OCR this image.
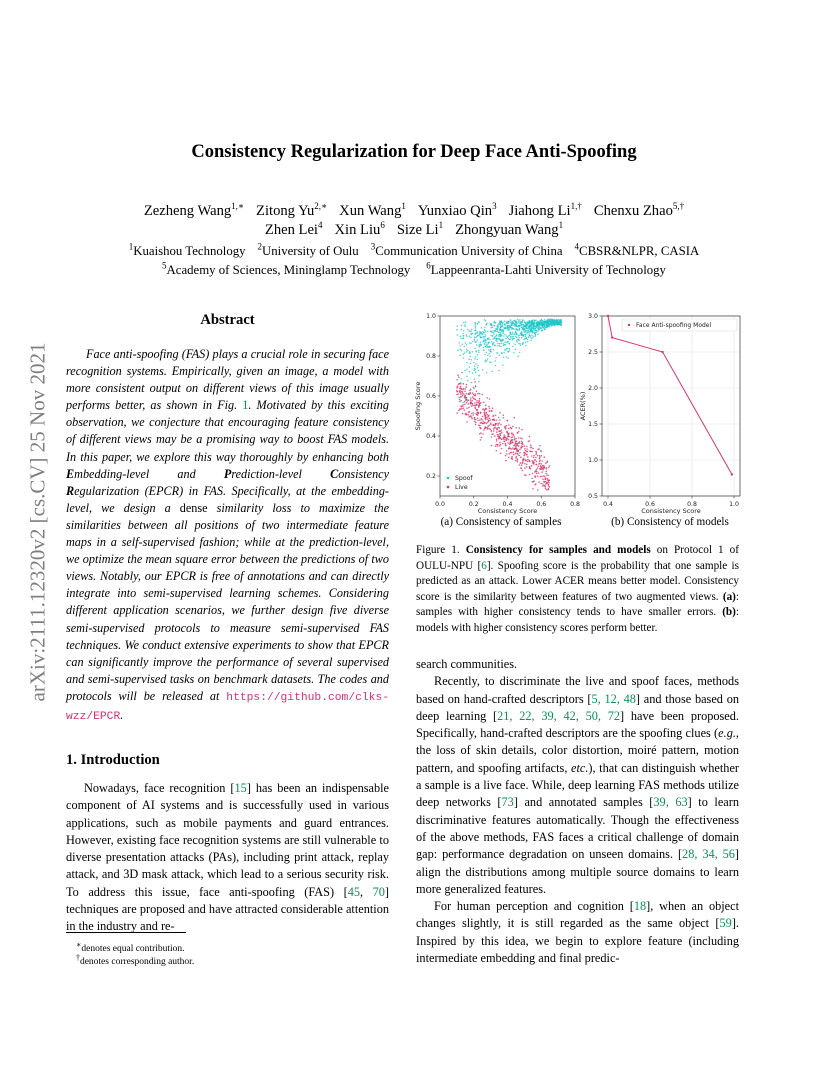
arXiv:2111.12320v2 [cs.CV] 25 Nov 2021
Consistency Regularization for Deep Face Anti-Spoofing
Zezheng Wang$^{1,∗}$ Zitong $Yu^{2,∗}$ Xun Wang$^1$ Yunxiao Qin$^3$ Jiahong $Li^{1,\dagger}$ Chenxu Zhao$^{5,\dagger}$
Zhen Lei$^4$ Xin Liu$^6$ Size Li$^1$ Zhongyuan Wang$^1$
$^1$Kuaishou Technology $^2$University of Oulu $^3$Communication University of China $^4$CBSR&NLPR, CASIA
$^5$Academy of Sciences, Mininglamp Technology $^6$Lappeenranta-Lahti University of Technology
Abstract
Face anti-spoofing (FAS) plays a crucial role in securing face recognition systems. Empirically, given an image, a model with more consistent output on different views of this image usually performs better, as shown in Fig. 1. Motivated by this exciting observation, we conjecture that encouraging feature consistency of different views may be a promising way to boost FAS models. In this paper, we explore this way thoroughly by enhancing both Embedding-level and Prediction-level Consistency Regularization (EPCR) in FAS. Specifically, at the embedding-level, we design a dense similarity loss to maximize the similarities between all positions of two intermediate feature maps in a self-supervised fashion; while at the prediction-level, we optimize the mean square error between the predictions of two views. Notably, our EPCR is free of annotations and can directly integrate into semi-supervised learning schemes. Considering different application scenarios, we further design five diverse semi-supervised protocols to measure semi-supervised FAS techniques. We conduct extensive experiments to show that EPCR can significantly improve the performance of several supervised and semi-supervised tasks on benchmark datasets. The codes and protocols will be released at https://github.com/clks-wzz/EPCR.
1. Introduction

Nowadays, face recognition [15] has been an indispensable component of AI systems and is successfully used in various applications, such as mobile payments and guard entrances. However, existing face recognition systems are still vulnerable to diverse presentation attacks (PAs), including print attack, replay attack, and 3D mask attack, which lead to a serious security risk. To address this issue, face anti-spoofing (FAS) [45, 70] techniques are proposed and have attracted considerable attention in the industry and re-

∗denotes equal contribution.
†denotes corresponding author.
0.0	0.2	0.4	0.6	0.8
0.2
0.4
0.6
0.8
1.0
Consistency Score
Spoofing Score
Spoof
Live
(a) Consistency of samples
0.4	0.6	0.8	1.0
0.5
1.0
1.5
2.0
2.5
3.0
Consistency Score
ACER(%)
Face Anti-spoofing Model
(b) Consistency of models
Figure 1. Consistency for samples and models on Protocol 1 of OULU-NPU [6]. Spoofing score is the probability that one sample is predicted as an attack. Lower ACER means better model. Consistency score is the similarity between features of two augmented views. (a): samples with higher consistency tends to have smaller errors. (b): models with higher consistency scores perform better.

search communities.

Recently, to discriminate the live and spoof faces, methods based on hand-crafted descriptors [5, 12, 48] and those based on deep learning [21, 22, 39, 42, 50, 72] have been proposed. Specifically, hand-crafted descriptors are the spoofing clues (e.g., the loss of skin details, color distortion, moiré pattern, motion pattern, and spoofing artifacts, etc.), that can distinguish whether a sample is a live face. While, deep learning FAS methods utilize deep networks [73] and annotated samples [39, 63] to learn discriminative features automatically. Though the effectiveness of the above methods, FAS faces a critical challenge of domain gap: performance degradation on unseen domains. [28, 34, 56] align the distributions among multiple source domains to learn more generalized features.

For human perception and cognition [18], when an object changes slightly, it is still regarded as the same object [59]. Inspired by this idea, we begin to explore feature (including intermediate embedding and final predic-
